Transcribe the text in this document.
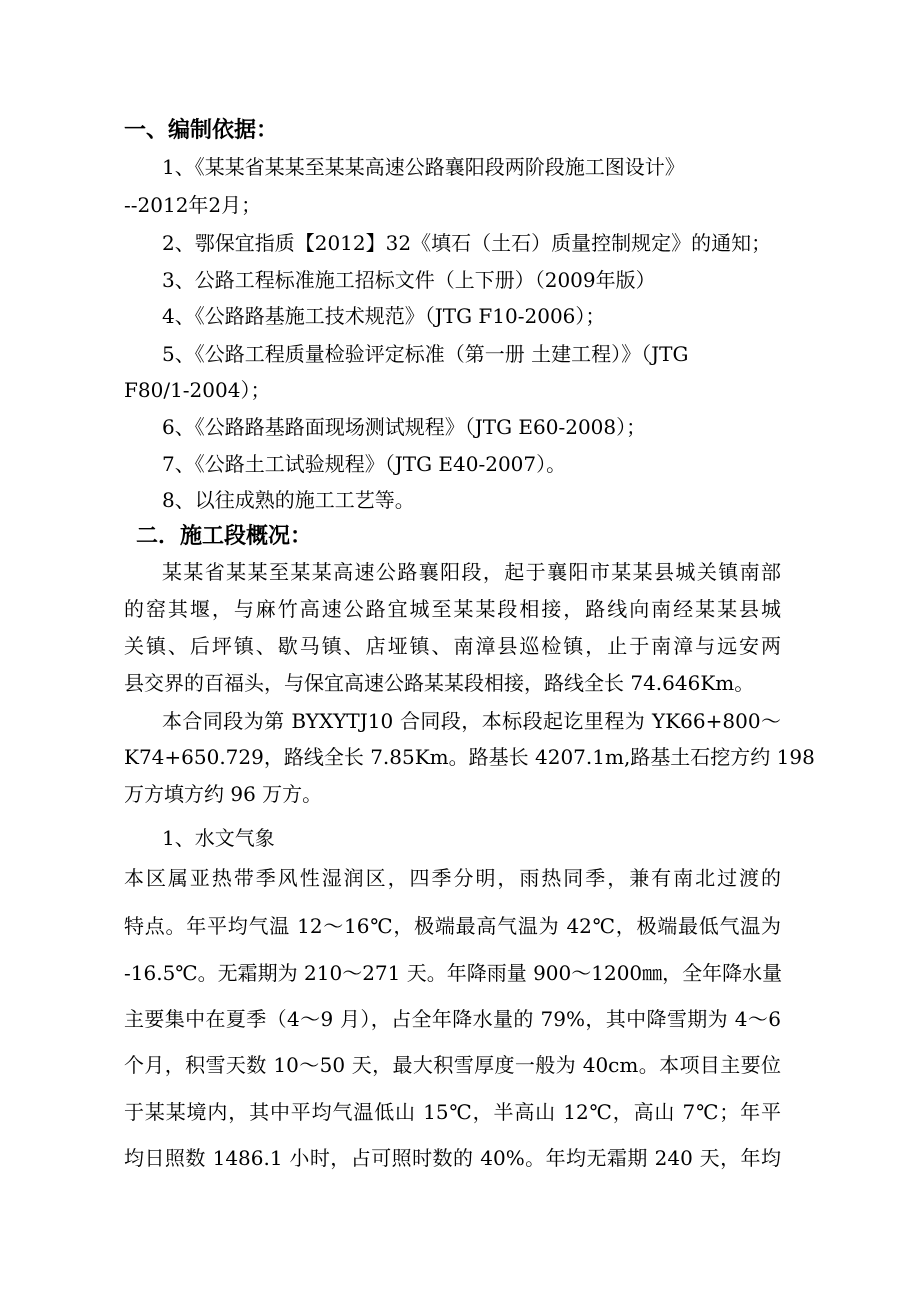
一、编制依据：
1、《某某省某某至某某高速公路襄阳段两阶段施工图设计》
--2012年2月；
2、鄂保宜指质【2012】32《填石（土石）质量控制规定》的通知；
3、公路工程标准施工招标文件（上下册）（2009年版）
4、《公路路基施工技术规范》（JTG F10-2006）；
5、《公路工程质量检验评定标准（第一册 土建工程）》（JTG
F80/1-2004）；
6、《公路路基路面现场测试规程》（JTG E60-2008）；
7、《公路土工试验规程》（JTG E40-2007）。
8、以往成熟的施工工艺等。
二．施工段概况：
某某省某某至某某高速公路襄阳段，起于襄阳市某某县城关镇南部
的窑其堰，与麻竹高速公路宜城至某某段相接，路线向南经某某县城
关镇、后坪镇、歇马镇、店垭镇、南漳县巡检镇，止于南漳与远安两
县交界的百福头，与保宜高速公路某某段相接，路线全长 74.646Km。
本合同段为第 BYXYTJ10 合同段，本标段起讫里程为 YK66+800～
K74+650.729，路线全长 7.85Km。路基长 4207.1m,路基土石挖方约 198
万方填方约 96 万方。
1、水文气象
本区属亚热带季风性湿润区，四季分明，雨热同季，兼有南北过渡的
特点。年平均气温 12～16℃，极端最高气温为 42℃，极端最低气温为
-16.5℃。无霜期为 210～271 天。年降雨量 900～1200㎜，全年降水量
主要集中在夏季（4～9 月），占全年降水量的 79%，其中降雪期为 4～6
个月，积雪天数 10～50 天，最大积雪厚度一般为 40cm。本项目主要位
于某某境内，其中平均气温低山 15℃，半高山 12℃，高山 7℃；年平
均日照数 1486.1 小时，占可照时数的 40%。年均无霜期 240 天，年均
